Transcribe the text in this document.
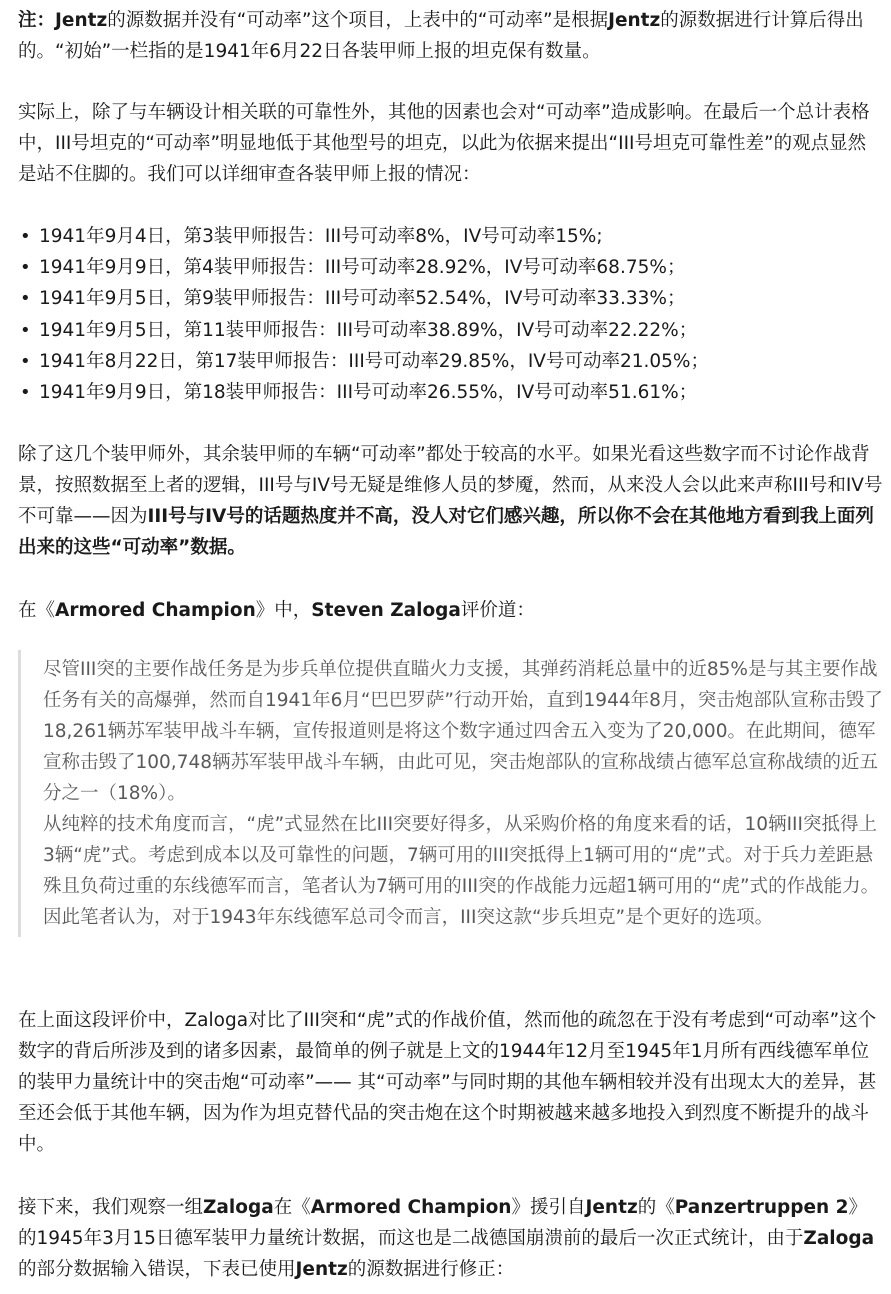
注：Jentz的源数据并没有“可动率”这个项目，上表中的“可动率”是根据Jentz的源数据进行计算后得出的。“初始”一栏指的是1941年6月22日各装甲师上报的坦克保有数量。

实际上，除了与车辆设计相关联的可靠性外，其他的因素也会对“可动率”造成影响。在最后一个总计表格中，III号坦克的“可动率”明显地低于其他型号的坦克，以此为依据来提出“III号坦克可靠性差”的观点显然是站不住脚的。我们可以详细审查各装甲师上报的情况：

• 1941年9月4日，第3装甲师报告：III号可动率8%，IV号可动率15%;
• 1941年9月9日，第4装甲师报告：III号可动率28.92%，IV号可动率68.75%；
• 1941年9月5日，第9装甲师报告：III号可动率52.54%，IV号可动率33.33%；
• 1941年9月5日，第11装甲师报告：III号可动率38.89%，IV号可动率22.22%；
• 1941年8月22日，第17装甲师报告：III号可动率29.85%，IV号可动率21.05%；
• 1941年9月9日，第18装甲师报告：III号可动率26.55%，IV号可动率51.61%；

除了这几个装甲师外，其余装甲师的车辆“可动率”都处于较高的水平。如果光看这些数字而不讨论作战背景，按照数据至上者的逻辑，III号与IV号无疑是维修人员的梦魇，然而，从来没人会以此来声称III号和IV号不可靠——因为III号与IV号的话题热度并不高，没人对它们感兴趣，所以你不会在其他地方看到我上面列出来的这些“可动率”数据。

在《Armored Champion》中，Steven Zaloga评价道：

尽管III突的主要作战任务是为步兵单位提供直瞄火力支援，其弹药消耗总量中的近85%是与其主要作战任务有关的高爆弹，然而自1941年6月“巴巴罗萨”行动开始，直到1944年8月，突击炮部队宣称击毁了18,261辆苏军装甲战斗车辆，宣传报道则是将这个数字通过四舍五入变为了20,000。在此期间，德军宣称击毁了100,748辆苏军装甲战斗车辆，由此可见，突击炮部队的宣称战绩占德军总宣称战绩的近五分之一（18%）。
从纯粹的技术角度而言，“虎”式显然在比III突要好得多，从采购价格的角度来看的话，10辆III突抵得上3辆“虎”式。考虑到成本以及可靠性的问题，7辆可用的III突抵得上1辆可用的“虎”式。对于兵力差距悬殊且负荷过重的东线德军而言，笔者认为7辆可用的III突的作战能力远超1辆可用的“虎”式的作战能力。因此笔者认为，对于1943年东线德军总司令而言，III突这款“步兵坦克”是个更好的选项。

在上面这段评价中，Zaloga对比了III突和“虎”式的作战价值，然而他的疏忽在于没有考虑到“可动率”这个数字的背后所涉及到的诸多因素，最简单的例子就是上文的1944年12月至1945年1月所有西线德军单位的装甲力量统计中的突击炮“可动率”—— 其“可动率”与同时期的其他车辆相较并没有出现太大的差异，甚至还会低于其他车辆，因为作为坦克替代品的突击炮在这个时期被越来越多地投入到烈度不断提升的战斗中。

接下来，我们观察一组Zaloga在《Armored Champion》援引自Jentz的《Panzertruppen 2》的1945年3月15日德军装甲力量统计数据，而这也是二战德国崩溃前的最后一次正式统计，由于Zaloga的部分数据输入错误，下表已使用Jentz的源数据进行修正：
